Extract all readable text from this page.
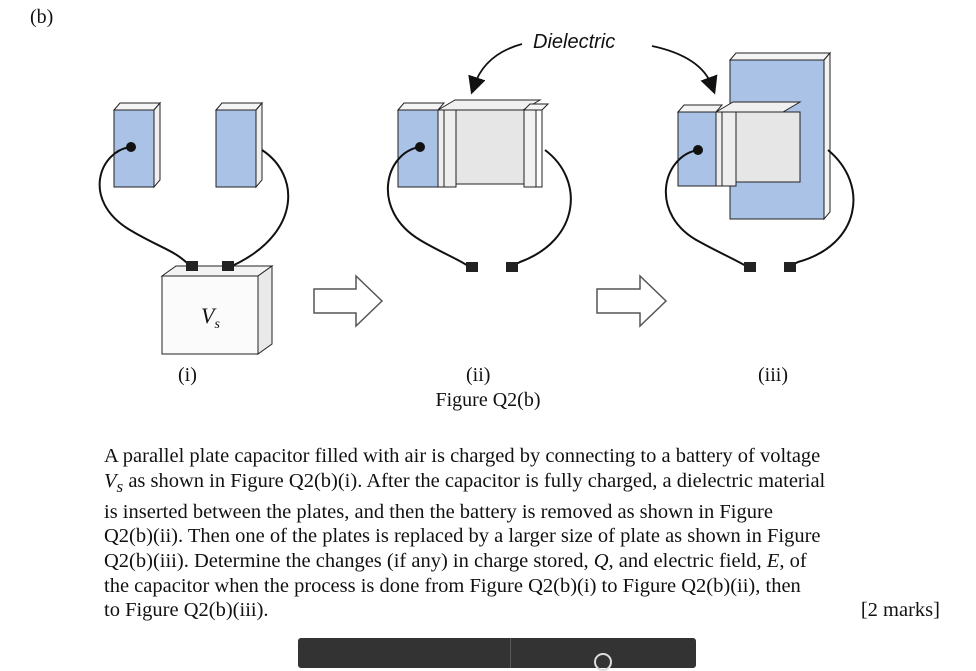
$V_s$
(b)
Dielectric
(i)	(ii)	(iii)
Figure Q2(b)
A parallel plate capacitor filled with air is charged by connecting to a battery of voltage
$V_s$ as shown in Figure Q2(b)(i). After the capacitor is fully charged, a dielectric material
is inserted between the plates, and then the battery is removed as shown in Figure
Q2(b)(ii). Then one of the plates is replaced by a larger size of plate as shown in Figure
Q2(b)(iii). Determine the changes (if any) in charge stored, Q, and electric field, E, of
the capacitor when the process is done from Figure Q2(b)(i) to Figure Q2(b)(ii), then
to Figure Q2(b)(iii).	[2 marks]
